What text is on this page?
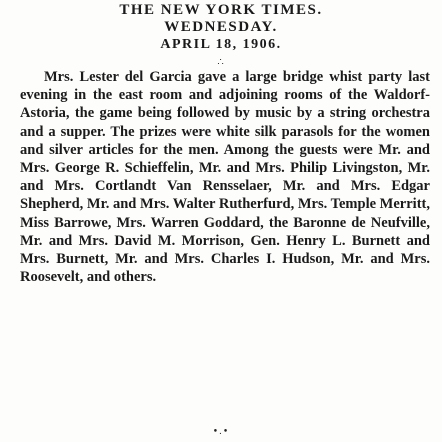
THE NEW YORK TIMES.
WEDNESDAY.
APRIL 18, 1906.
∴

Mrs. Lester del Garcia gave a large bridge whist party last evening in the east room and adjoining rooms of the Waldorf-Astoria, the game being followed by music by a string orchestra and a supper. The prizes were white silk parasols for the women and silver articles for the men. Among the guests were Mr. and Mrs. George R. Schieffelin, Mr. and Mrs. Philip Livingston, Mr. and Mrs. Cortlandt Van Rensselaer, Mr. and Mrs. Edgar Shepherd, Mr. and Mrs. Walter Rutherfurd, Mrs. Temple Merritt, Miss Barrowe, Mrs. Warren Goddard, the Baronne de Neufville, Mr. and Mrs. David M. Morrison, Gen. Henry L. Burnett and Mrs. Burnett, Mr. and Mrs. Charles I. Hudson, Mr. and Mrs. Roosevelt, and others.

•.•
